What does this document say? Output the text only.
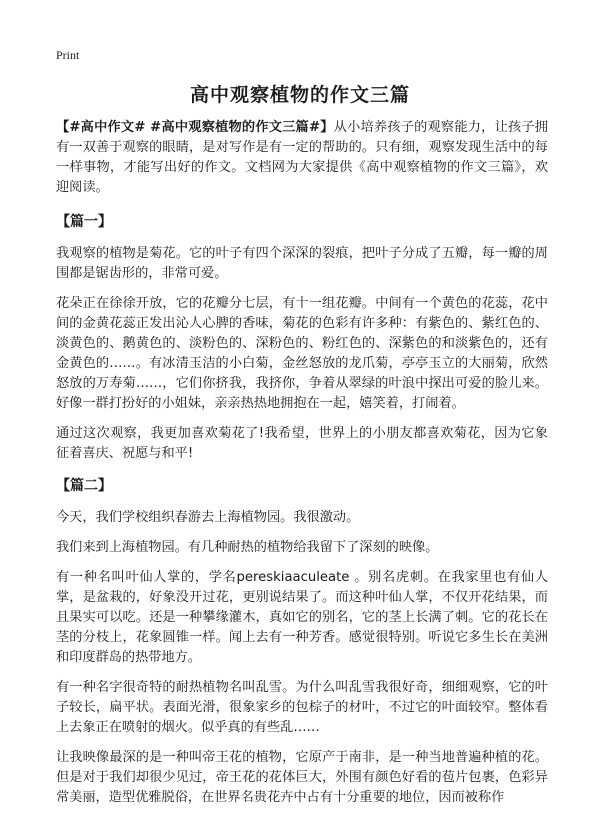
Print
高中观察植物的作文三篇

【#高中作文# #高中观察植物的作文三篇#】从小培养孩子的观察能力，让孩子拥有一双善于观察的眼睛，是对写作是有一定的帮助的。只有细，观察发现生活中的每一样事物，才能写出好的作文。文档网为大家提供《高中观察植物的作文三篇》，欢迎阅读。

【篇一】

我观察的植物是菊花。它的叶子有四个深深的裂痕，把叶子分成了五瓣，每一瓣的周围都是锯齿形的，非常可爱。

花朵正在徐徐开放，它的花瓣分七层，有十一组花瓣。中间有一个黄色的花蕊，花中间的金黄花蕊正发出沁人心脾的香味，菊花的色彩有许多种：有紫色的、紫红色的、淡黄色的、鹅黄色的、淡粉色的、深粉色的、粉红色的、深紫色的和淡紫色的，还有金黄色的……。有冰清玉洁的小白菊，金丝怒放的龙爪菊，亭亭玉立的大丽菊，欣然怒放的万寿菊……，它们你挤我，我挤你，争着从翠绿的叶浪中探出可爱的脸儿来。好像一群打扮好的小姐妹，亲亲热热地拥抱在一起，嬉笑着，打闹着。

通过这次观察，我更加喜欢菊花了!我希望，世界上的小朋友都喜欢菊花，因为它象征着喜庆、祝愿与和平!

【篇二】

今天，我们学校组织春游去上海植物园。我很激动。

我们来到上海植物园。有几种耐热的植物给我留下了深刻的映像。

有一种名叫叶仙人掌的，学名pereskiaaculeate 。别名虎刺。在我家里也有仙人掌，是盆栽的，好象没开过花，更别说结果了。而这种叶仙人掌，不仅开花结果，而且果实可以吃。还是一种攀缘灌木，真如它的别名，它的茎上长满了刺。它的花长在茎的分枝上，花象圆锥一样。闻上去有一种芳香。感觉很特别。听说它多生长在美洲和印度群岛的热带地方。

有一种名字很奇特的耐热植物名叫乱雪。为什么叫乱雪我很好奇，细细观察，它的叶子较长，扁平状。表面光滑，很象家乡的包棕子的材叶，不过它的叶面较窄。整体看上去象正在喷射的烟火。似乎真的有些乱……

让我映像最深的是一种叫帝王花的植物，它原产于南非，是一种当地普遍种植的花。但是对于我们却很少见过，帝王花的花体巨大，外围有颜色好看的苞片包裹，色彩异常美丽，造型优雅脱俗，在世界名贵花卉中占有十分重要的地位，因而被称作
